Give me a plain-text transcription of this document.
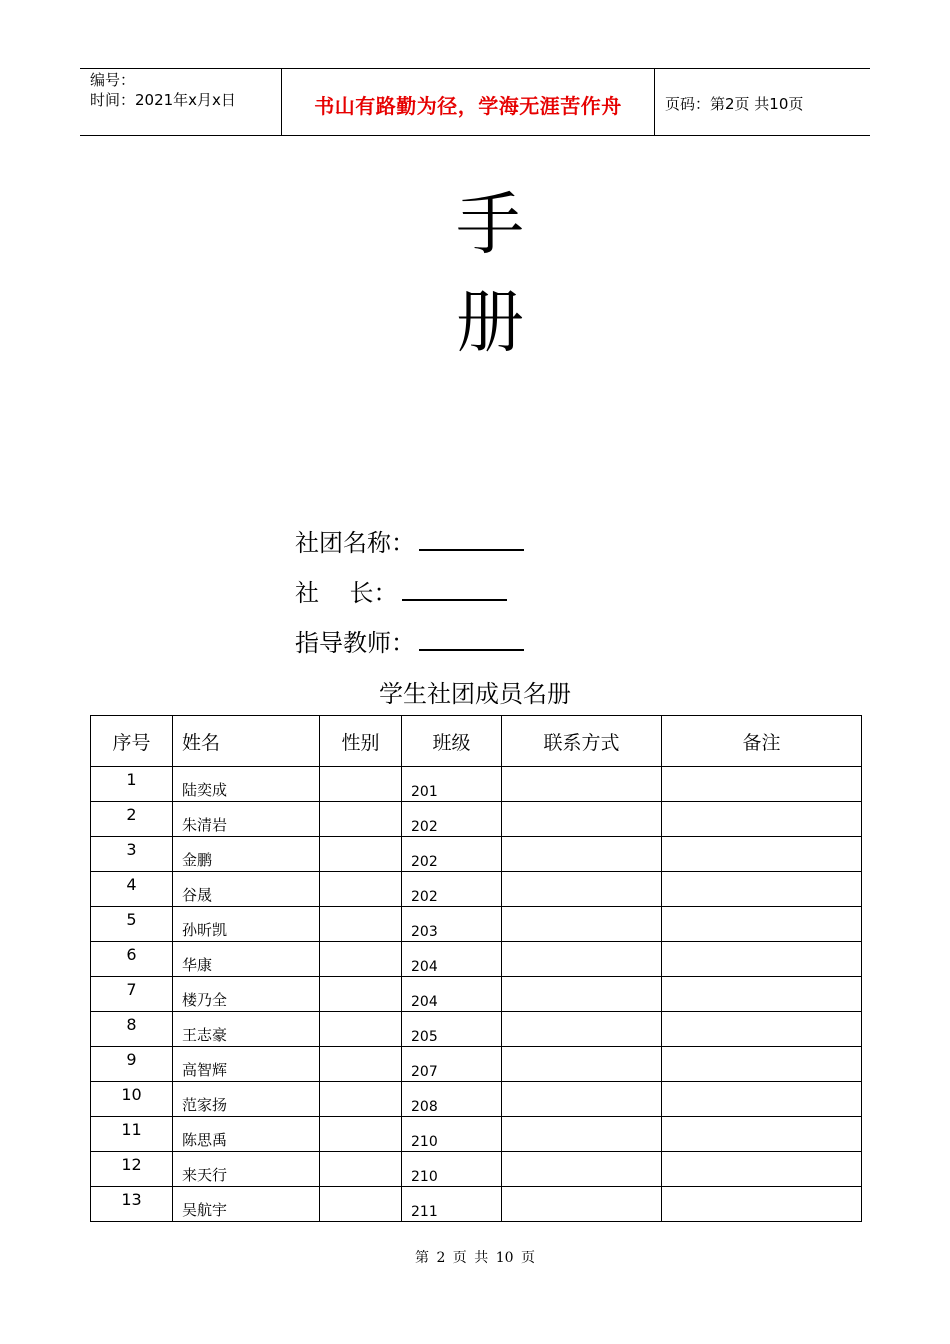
编号：
时间：2021年x月x日	书山有路勤为径，学海无涯苦作舟	页码：第2页 共10页
手
册
社团名称：
社    长：
指导教师：
学生社团成员名册
序号	姓名	性别	班级	联系方式	备注

1	陆奕成		201		

2	朱清岩		202		

3	金鹏		202		

4	谷晟		202		

5	孙昕凯		203		

6	华康		204		

7	楼乃全		204		

8	王志豪		205		

9	高智辉		207		

10	范家扬		208		

11	陈思禹		210		

12	来天行		210		

13	吴航宇		211		

第 2 页 共 10 页
